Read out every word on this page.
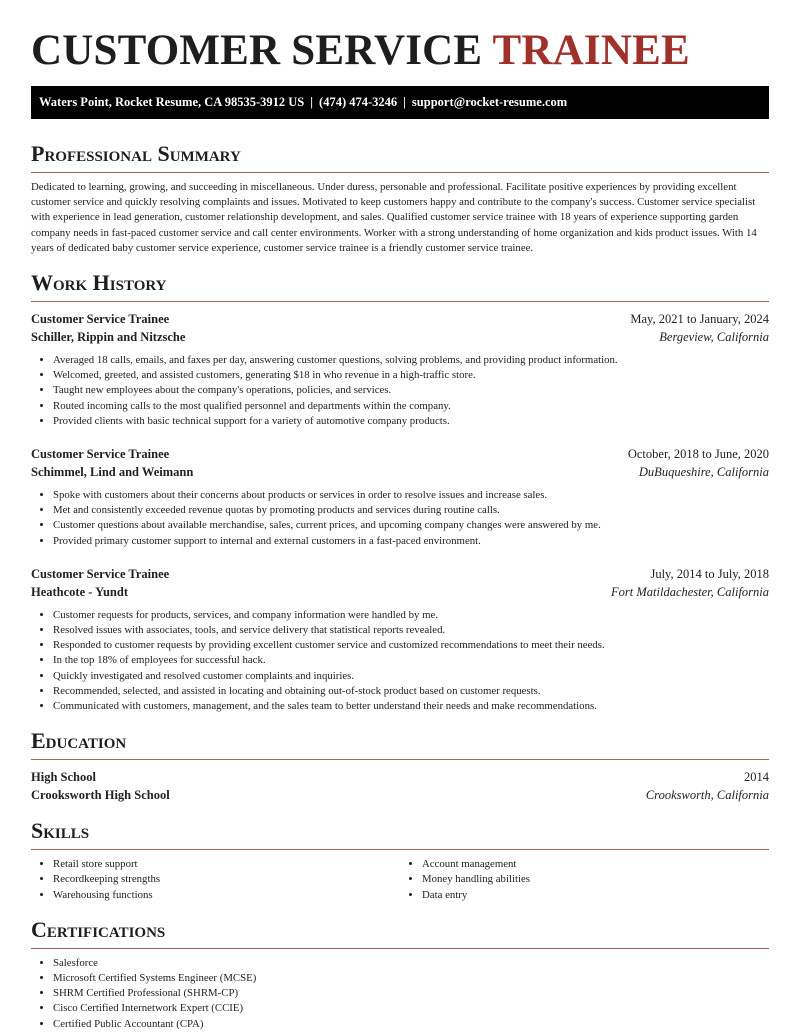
CUSTOMER SERVICE TRAINEE
Waters Point, Rocket Resume, CA 98535-3912 US | (474) 474-3246 | support@rocket-resume.com
Professional Summary
Dedicated to learning, growing, and succeeding in miscellaneous. Under duress, personable and professional. Facilitate positive experiences by providing excellent customer service and quickly resolving complaints and issues. Motivated to keep customers happy and contribute to the company's success. Customer service specialist with experience in lead generation, customer relationship development, and sales. Qualified customer service trainee with 18 years of experience supporting garden company needs in fast-paced customer service and call center environments. Worker with a strong understanding of home organization and kids product issues. With 14 years of dedicated baby customer service experience, customer service trainee is a friendly customer service trainee.
Work History
Customer Service Trainee	May, 2021 to January, 2024
Schiller, Rippin and Nitzsche	Bergeview, California
• Averaged 18 calls, emails, and faxes per day, answering customer questions, solving problems, and providing product information.
• Welcomed, greeted, and assisted customers, generating $18 in who revenue in a high-traffic store.
• Taught new employees about the company's operations, policies, and services.
• Routed incoming calls to the most qualified personnel and departments within the company.
• Provided clients with basic technical support for a variety of automotive company products.
Customer Service Trainee	October, 2018 to June, 2020
Schimmel, Lind and Weimann	DuBuqueshire, California
• Spoke with customers about their concerns about products or services in order to resolve issues and increase sales.
• Met and consistently exceeded revenue quotas by promoting products and services during routine calls.
• Customer questions about available merchandise, sales, current prices, and upcoming company changes were answered by me.
• Provided primary customer support to internal and external customers in a fast-paced environment.
Customer Service Trainee	July, 2014 to July, 2018
Heathcote - Yundt	Fort Matildachester, California
• Customer requests for products, services, and company information were handled by me.
• Resolved issues with associates, tools, and service delivery that statistical reports revealed.
• Responded to customer requests by providing excellent customer service and customized recommendations to meet their needs.
• In the top 18% of employees for successful hack.
• Quickly investigated and resolved customer complaints and inquiries.
• Recommended, selected, and assisted in locating and obtaining out-of-stock product based on customer requests.
• Communicated with customers, management, and the sales team to better understand their needs and make recommendations.
Education
High School	2014
Crooksworth High School	Crooksworth, California
Skills
• Retail store support
• Recordkeeping strengths
• Warehousing functions
• Account management
• Money handling abilities
• Data entry
Certifications
• Salesforce
• Microsoft Certified Systems Engineer (MCSE)
• SHRM Certified Professional (SHRM-CP)
• Cisco Certified Internetwork Expert (CCIE)
• Certified Public Accountant (CPA)
